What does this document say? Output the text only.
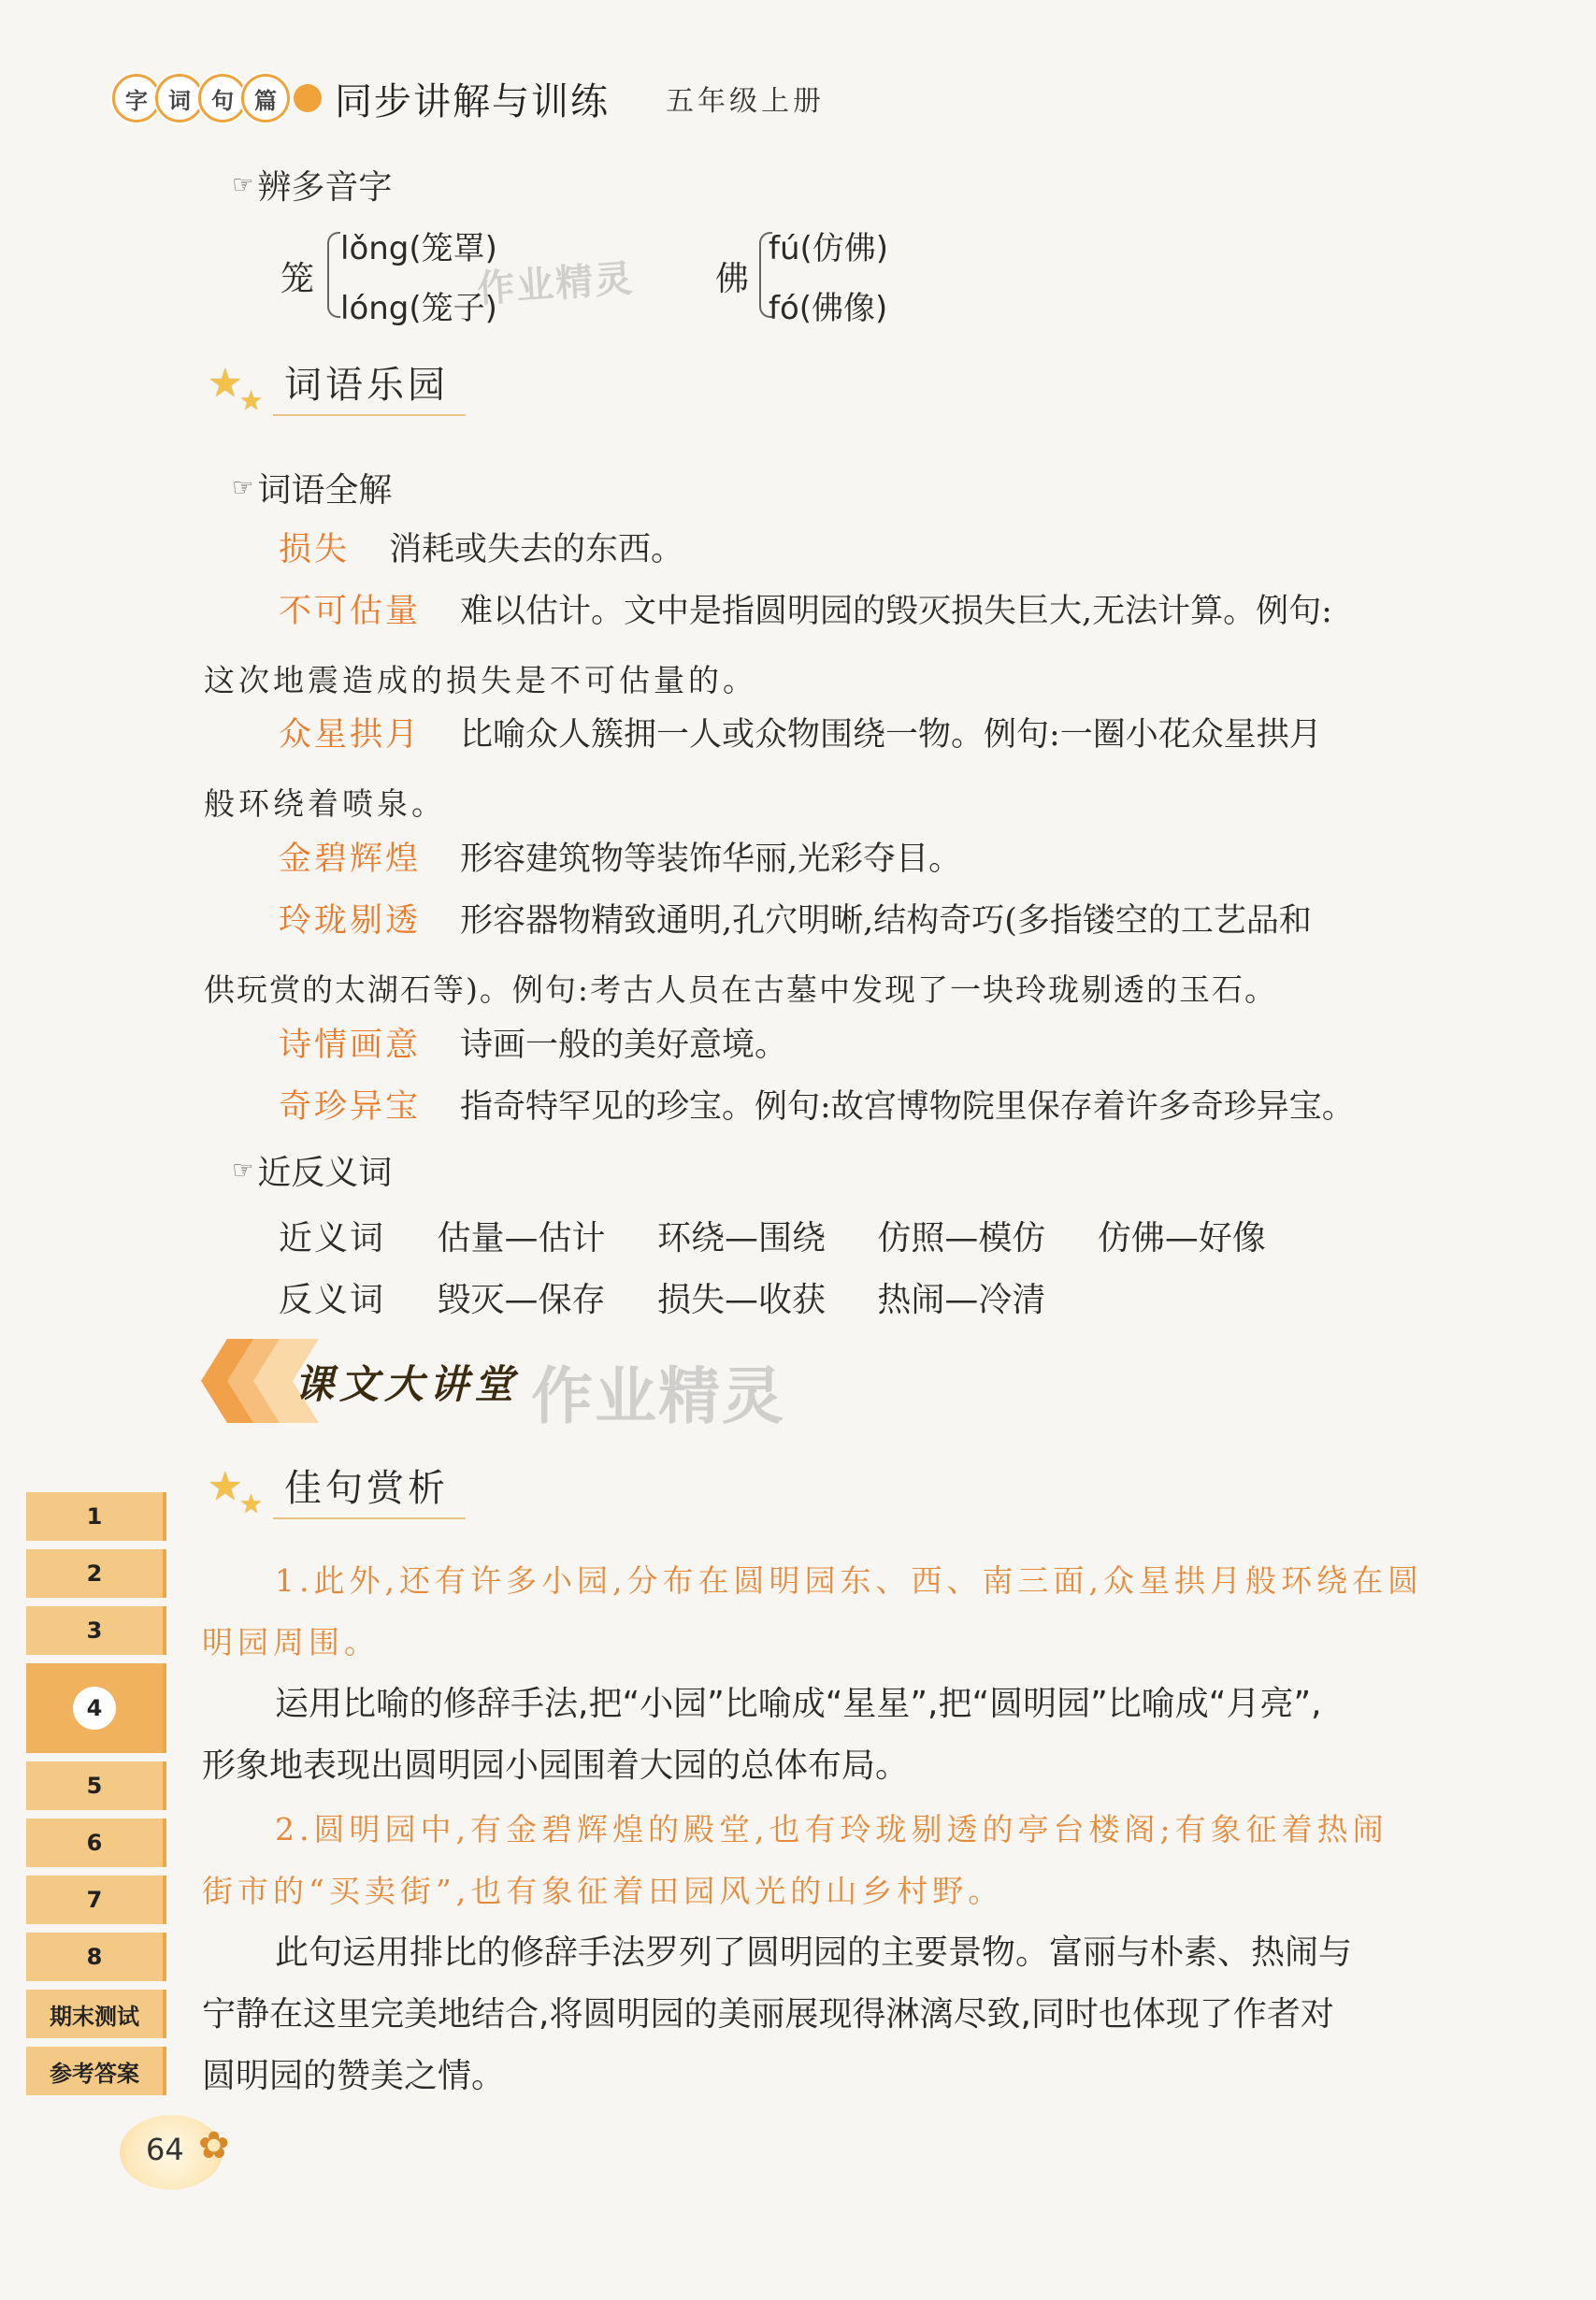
字 词 句 篇	同步讲解与训练 五年级上册
☞ 辨多音字
笼
lǒng(笼罩)
lóng(笼子)
佛
fú(仿佛)
fó(佛像)
作业精灵
★
★ 词语乐园
☞ 词语全解
损失 消耗或失去的东西。
不可估量 难以估计。文中是指圆明园的毁灭损失巨大,无法计算。例句:
这次地震造成的损失是不可估量的。
众星拱月 比喻众人簇拥一人或众物围绕一物。例句:一圈小花众星拱月
般环绕着喷泉。
金碧辉煌 形容建筑物等装饰华丽,光彩夺目。
玲珑剔透 形容器物精致通明,孔穴明晰,结构奇巧(多指镂空的工艺品和
供玩赏的太湖石等)。例句:考古人员在古墓中发现了一块玲珑剔透的玉石。
诗情画意 诗画一般的美好意境。
奇珍异宝 指奇特罕见的珍宝。例句:故宫博物院里保存着许多奇珍异宝。
☞ 近反义词
近义词 估量—估计 环绕—围绕 仿照—模仿 仿佛—好像
反义词 毁灭—保存 损失—收获 热闹—冷清
课文大讲堂 作业精灵
★
★ 佳句赏析
1.此外,还有许多小园,分布在圆明园东、西、南三面,众星拱月般环绕在圆
明园周围。
运用比喻的修辞手法,把“小园”比喻成“星星”,把“圆明园”比喻成“月亮”,
形象地表现出圆明园小园围着大园的总体布局。
2.圆明园中,有金碧辉煌的殿堂,也有玲珑剔透的亭台楼阁;有象征着热闹
街市的“买卖街”,也有象征着田园风光的山乡村野。
此句运用排比的修辞手法罗列了圆明园的主要景物。富丽与朴素、热闹与
宁静在这里完美地结合,将圆明园的美丽展现得淋漓尽致,同时也体现了作者对
圆明园的赞美之情。
1
2
3
4
5
6
7
8
期末测试
参考答案
64 ✿
